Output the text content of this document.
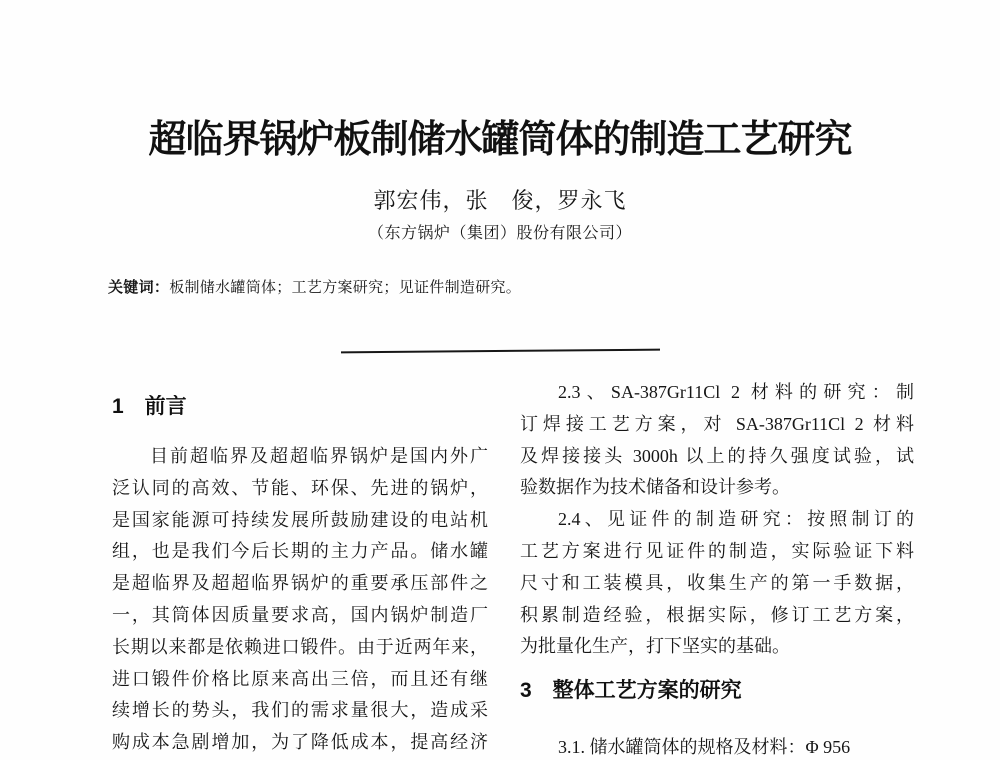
超临界锅炉板制储水罐筒体的制造工艺研究
郭宏伟，张　俊，罗永飞
（东方锅炉（集团）股份有限公司）
关键词：板制储水罐筒体；工艺方案研究；见证件制造研究。
1　前言
目前超临界及超超临界锅炉是国内外广
泛认同的高效、节能、环保、先进的锅炉，
是国家能源可持续发展所鼓励建设的电站机
组，也是我们今后长期的主力产品。储水罐
是超临界及超超临界锅炉的重要承压部件之
一，其筒体因质量要求高，国内锅炉制造厂
长期以来都是依赖进口锻件。由于近两年来，
进口锻件价格比原来高出三倍，而且还有继
续增长的势头，我们的需求量很大，造成采
购成本急剧增加，为了降低成本，提高经济
2.3、SA-387Gr11Cl 2 材料的研究：制
订焊接工艺方案，对 SA-387Gr11Cl 2 材料
及焊接接头 3000h 以上的持久强度试验，试
验数据作为技术储备和设计参考。
2.4、见证件的制造研究：按照制订的
工艺方案进行见证件的制造，实际验证下料
尺寸和工装模具，收集生产的第一手数据，
积累制造经验，根据实际，修订工艺方案，
为批量化生产，打下坚实的基础。
3　整体工艺方案的研究
3.1. 储水罐筒体的规格及材料：Φ 956
